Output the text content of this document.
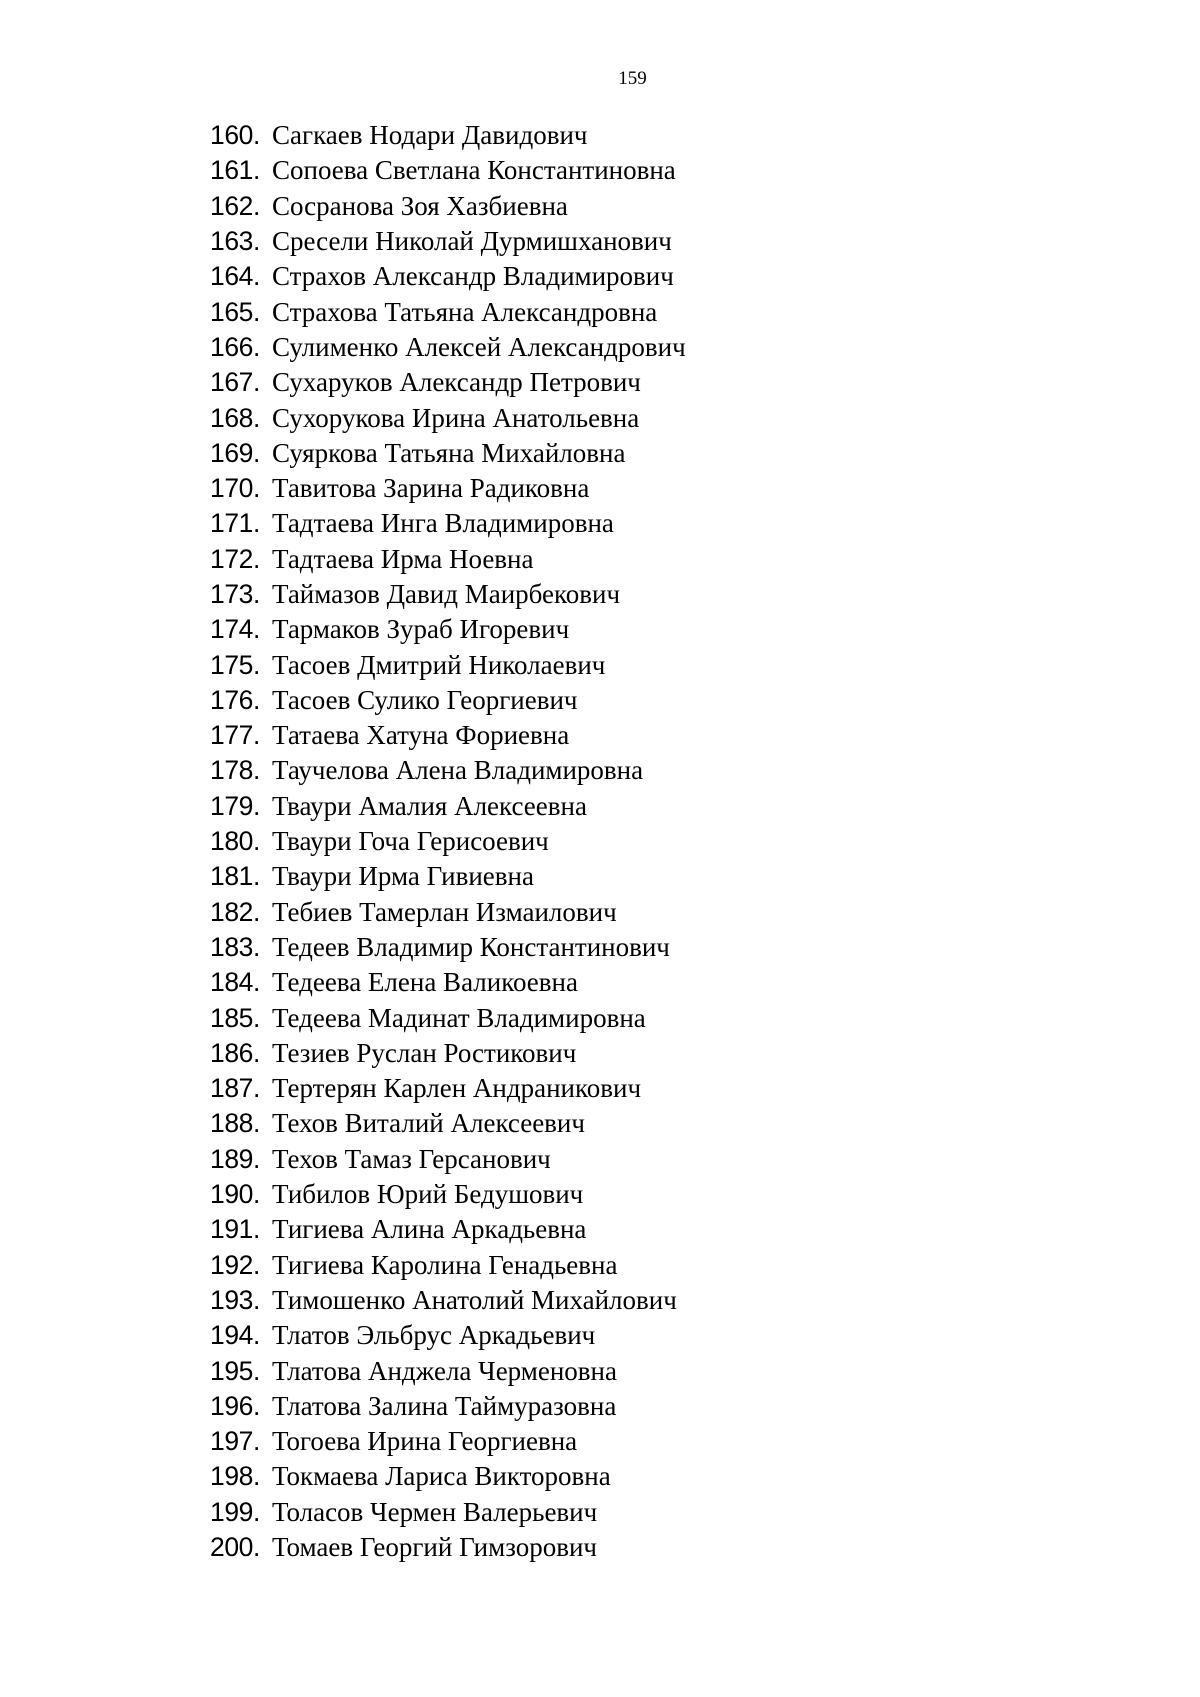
159
160. Сагкаев Нодари Давидович
161. Сопоева Светлана Константиновна
162. Сосранова Зоя Хазбиевна
163. Сресели Николай Дурмишханович
164. Страхов Александр Владимирович
165. Страхова Татьяна Александровна
166. Сулименко Алексей Александрович
167. Сухаруков Александр Петрович
168. Сухорукова Ирина Анатольевна
169. Суяркова Татьяна Михайловна
170. Тавитова Зарина Радиковна
171. Тадтаева Инга Владимировна
172. Тадтаева Ирма Ноевна
173. Таймазов Давид Маирбекович
174. Тармаков Зураб Игоревич
175. Тасоев Дмитрий Николаевич
176. Тасоев Сулико Георгиевич
177. Татаева Хатуна Фориевна
178. Таучелова Алена Владимировна
179. Тваури Амалия Алексеевна
180. Тваури Гоча Герисоевич
181. Тваури Ирма Гивиевна
182. Тебиев Тамерлан Измаилович
183. Тедеев Владимир Константинович
184. Тедеева Елена Валикоевна
185. Тедеева Мадинат Владимировна
186. Тезиев Руслан Ростикович
187. Тертерян Карлен Андраникович
188. Техов Виталий Алексеевич
189. Техов Тамаз Герсанович
190. Тибилов Юрий Бедушович
191. Тигиева Алина Аркадьевна
192. Тигиева Каролина Генадьевна
193. Тимошенко Анатолий Михайлович
194. Тлатов Эльбрус Аркадьевич
195. Тлатова Анджела Черменовна
196. Тлатова Залина Таймуразовна
197. Тогоева Ирина Георгиевна
198. Токмаева Лариса Викторовна
199. Толасов Чермен Валерьевич
200. Томаев Георгий Гимзорович
